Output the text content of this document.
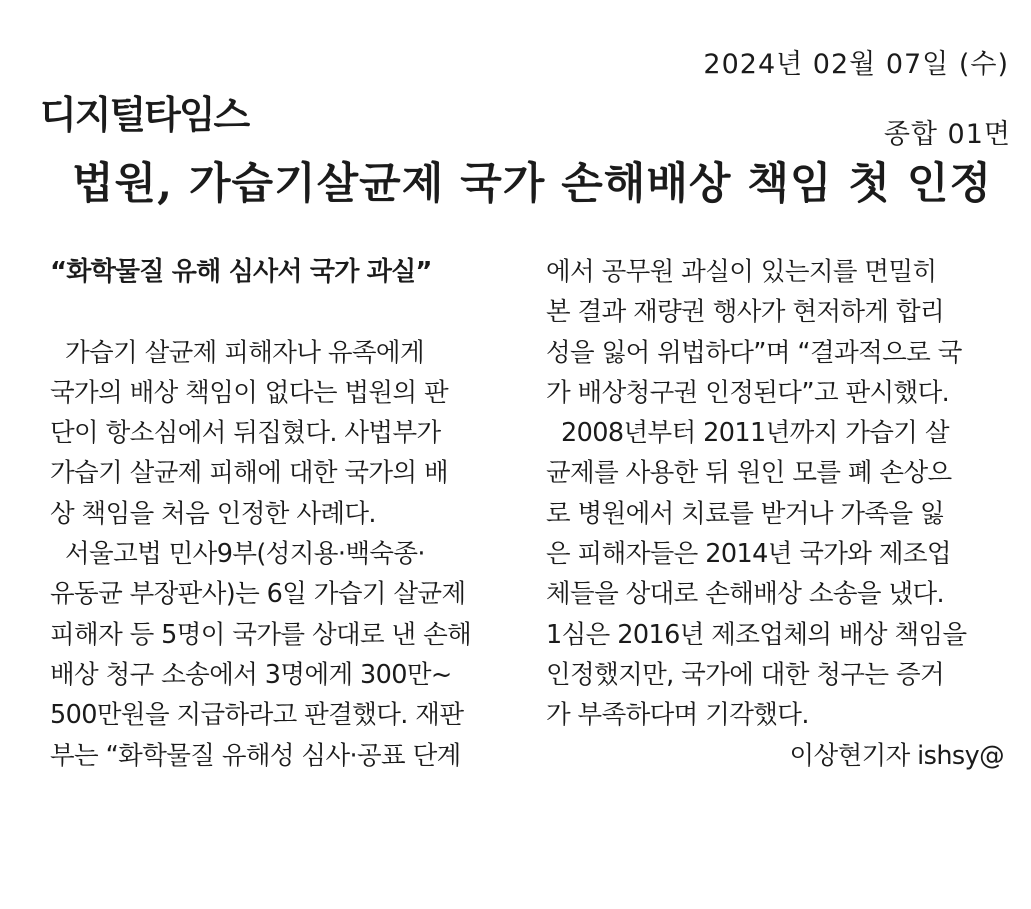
2024년 02월 07일 (수)
디지털타임스	종합 01면
법원, 가습기살균제 국가 손해배상 책임 첫 인정
“화학물질 유해 심사서 국가 과실”
가습기 살균제 피해자나 유족에게
국가의 배상 책임이 없다는 법원의 판
단이 항소심에서 뒤집혔다. 사법부가
가습기 살균제 피해에 대한 국가의 배
상 책임을 처음 인정한 사례다.
서울고법 민사9부(성지용·백숙종·
유동균 부장판사)는 6일 가습기 살균제
피해자 등 5명이 국가를 상대로 낸 손해
배상 청구 소송에서 3명에게 300만~
500만원을 지급하라고 판결했다. 재판
부는 “화학물질 유해성 심사·공표 단계
에서 공무원 과실이 있는지를 면밀히
본 결과 재량권 행사가 현저하게 합리
성을 잃어 위법하다”며 “결과적으로 국
가 배상청구권 인정된다”고 판시했다.
2008년부터 2011년까지 가습기 살
균제를 사용한 뒤 원인 모를 폐 손상으
로 병원에서 치료를 받거나 가족을 잃
은 피해자들은 2014년 국가와 제조업
체들을 상대로 손해배상 소송을 냈다.
1심은 2016년 제조업체의 배상 책임을
인정했지만, 국가에 대한 청구는 증거
가 부족하다며 기각했다.
이상현기자 ishsy@
